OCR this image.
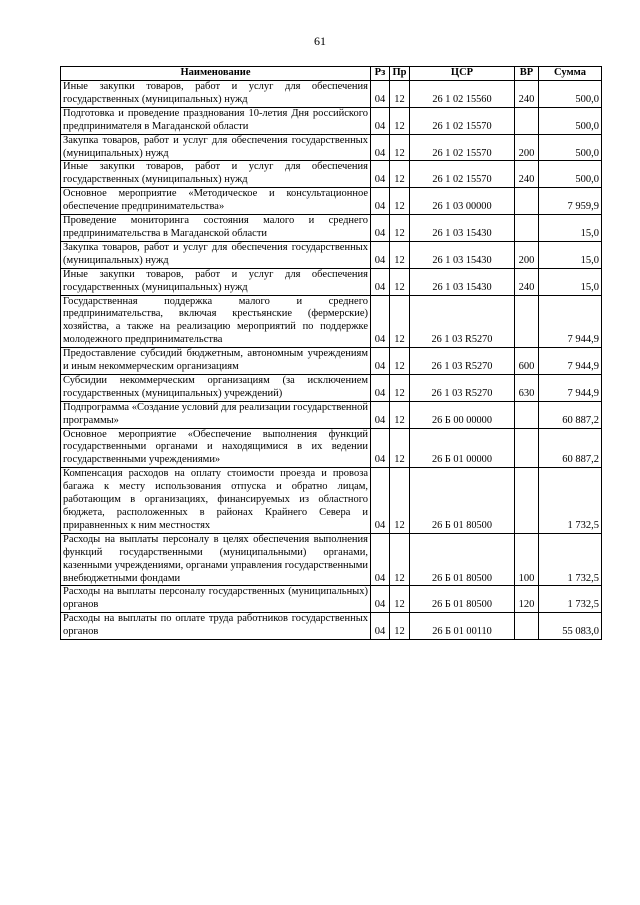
61
Наименование	Рз	Пр	ЦСР	ВР	Сумма
Иные закупки товаров, работ и услуг для обеспечения государственных (муниципальных) нужд	04	12	26 1 02 15560	240	500,0
Подготовка и проведение празднования 10-летия Дня российского предпринимателя в Магаданской области	04	12	26 1 02 15570		500,0
Закупка товаров, работ и услуг для обеспечения государственных (муниципальных) нужд	04	12	26 1 02 15570	200	500,0
Иные закупки товаров, работ и услуг для обеспечения государственных (муниципальных) нужд	04	12	26 1 02 15570	240	500,0
Основное мероприятие «Методическое и консультационное обеспечение предпринимательства»	04	12	26 1 03 00000		7 959,9
Проведение мониторинга состояния малого и среднего предпринимательства в Магаданской области	04	12	26 1 03 15430		15,0
Закупка товаров, работ и услуг для обеспечения государственных (муниципальных) нужд	04	12	26 1 03 15430	200	15,0
Иные закупки товаров, работ и услуг для обеспечения государственных (муниципальных) нужд	04	12	26 1 03 15430	240	15,0
Государственная поддержка малого и среднего предпринимательства, включая крестьянские (фермерские) хозяйства, а также на реализацию мероприятий по поддержке молодежного предпринимательства	04	12	26 1 03 R5270		7 944,9
Предоставление субсидий бюджетным, автономным учреждениям и иным некоммерческим организациям	04	12	26 1 03 R5270	600	7 944,9
Субсидии некоммерческим организациям (за исключением государственных (муниципальных) учреждений)	04	12	26 1 03 R5270	630	7 944,9
Подпрограмма «Создание условий для реализации государственной программы»	04	12	26 Б 00 00000		60 887,2
Основное мероприятие «Обеспечение выполнения функций государственными органами и находящимися в их ведении государственными учреждениями»	04	12	26 Б 01 00000		60 887,2
Компенсация расходов на оплату стоимости проезда и провоза багажа к месту использования отпуска и обратно лицам, работающим в организациях, финансируемых из областного бюджета, расположенных в районах Крайнего Севера и приравненных к ним местностях	04	12	26 Б 01 80500		1 732,5
Расходы на выплаты персоналу в целях обеспечения выполнения функций государственными (муниципальными) органами, казенными учреждениями, органами управления государственными внебюджетными фондами	04	12	26 Б 01 80500	100	1 732,5
Расходы на выплаты персоналу государственных (муниципальных) органов	04	12	26 Б 01 80500	120	1 732,5
Расходы на выплаты по оплате труда работников государственных органов	04	12	26 Б 01 00110		55 083,0
